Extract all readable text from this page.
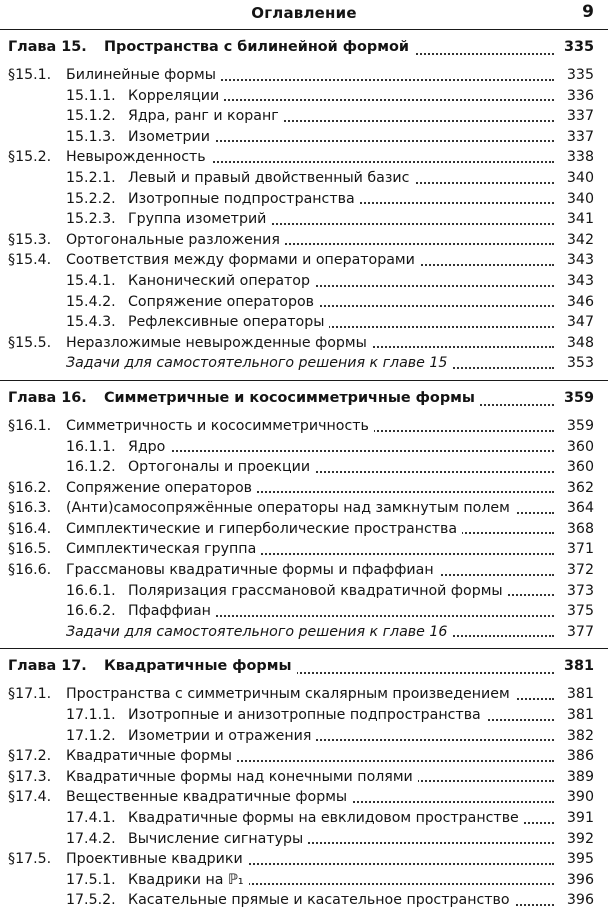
Оглавление	9
Глава 15.	Пространства с билинейной формой	335
§15.1.	Билинейные формы	335
15.1.1. Корреляции	336
15.1.2. Ядра, ранг и коранг	337
15.1.3. Изометрии	337
§15.2.	Невырожденность	338
15.2.1. Левый и правый двойственный базис	340
15.2.2. Изотропные подпространства	340
15.2.3. Группа изометрий	341
§15.3.	Ортогональные разложения	342
§15.4.	Соответствия между формами и операторами	343
15.4.1. Канонический оператор	343
15.4.2. Сопряжение операторов	346
15.4.3. Рефлексивные операторы	347
§15.5.	Неразложимые невырожденные формы	348
Задачи для самостоятельного решения к главе 15	353
Глава 16.	Симметричные и кососимметричные формы	359
§16.1.	Симметричность и кососимметричность	359
16.1.1. Ядро	360
16.1.2. Ортогоналы и проекции	360
§16.2.	Сопряжение операторов	362
§16.3.	(Анти)самосопряжённые операторы над замкнутым полем	364
§16.4.	Симплектические и гиперболические пространства	368
§16.5.	Симплектическая группа	371
§16.6.	Грассмановы квадратичные формы и пфаффиан	372
16.6.1. Поляризация грассмановой квадратичной формы	373
16.6.2. Пфаффиан	375
Задачи для самостоятельного решения к главе 16	377
Глава 17.	Квадратичные формы	381
§17.1.	Пространства с симметричным скалярным произведением	381
17.1.1. Изотропные и анизотропные подпространства	381
17.1.2. Изометрии и отражения	382
§17.2.	Квадратичные формы	386
§17.3.	Квадратичные формы над конечными полями	389
§17.4.	Вещественные квадратичные формы	390
17.4.1. Квадратичные формы на евклидовом пространстве	391
17.4.2. Вычисление сигнатуры	392
§17.5.	Проективные квадрики	395
17.5.1. Квадрики на ℙ₁	396
17.5.2. Касательные прямые и касательное пространство	396
